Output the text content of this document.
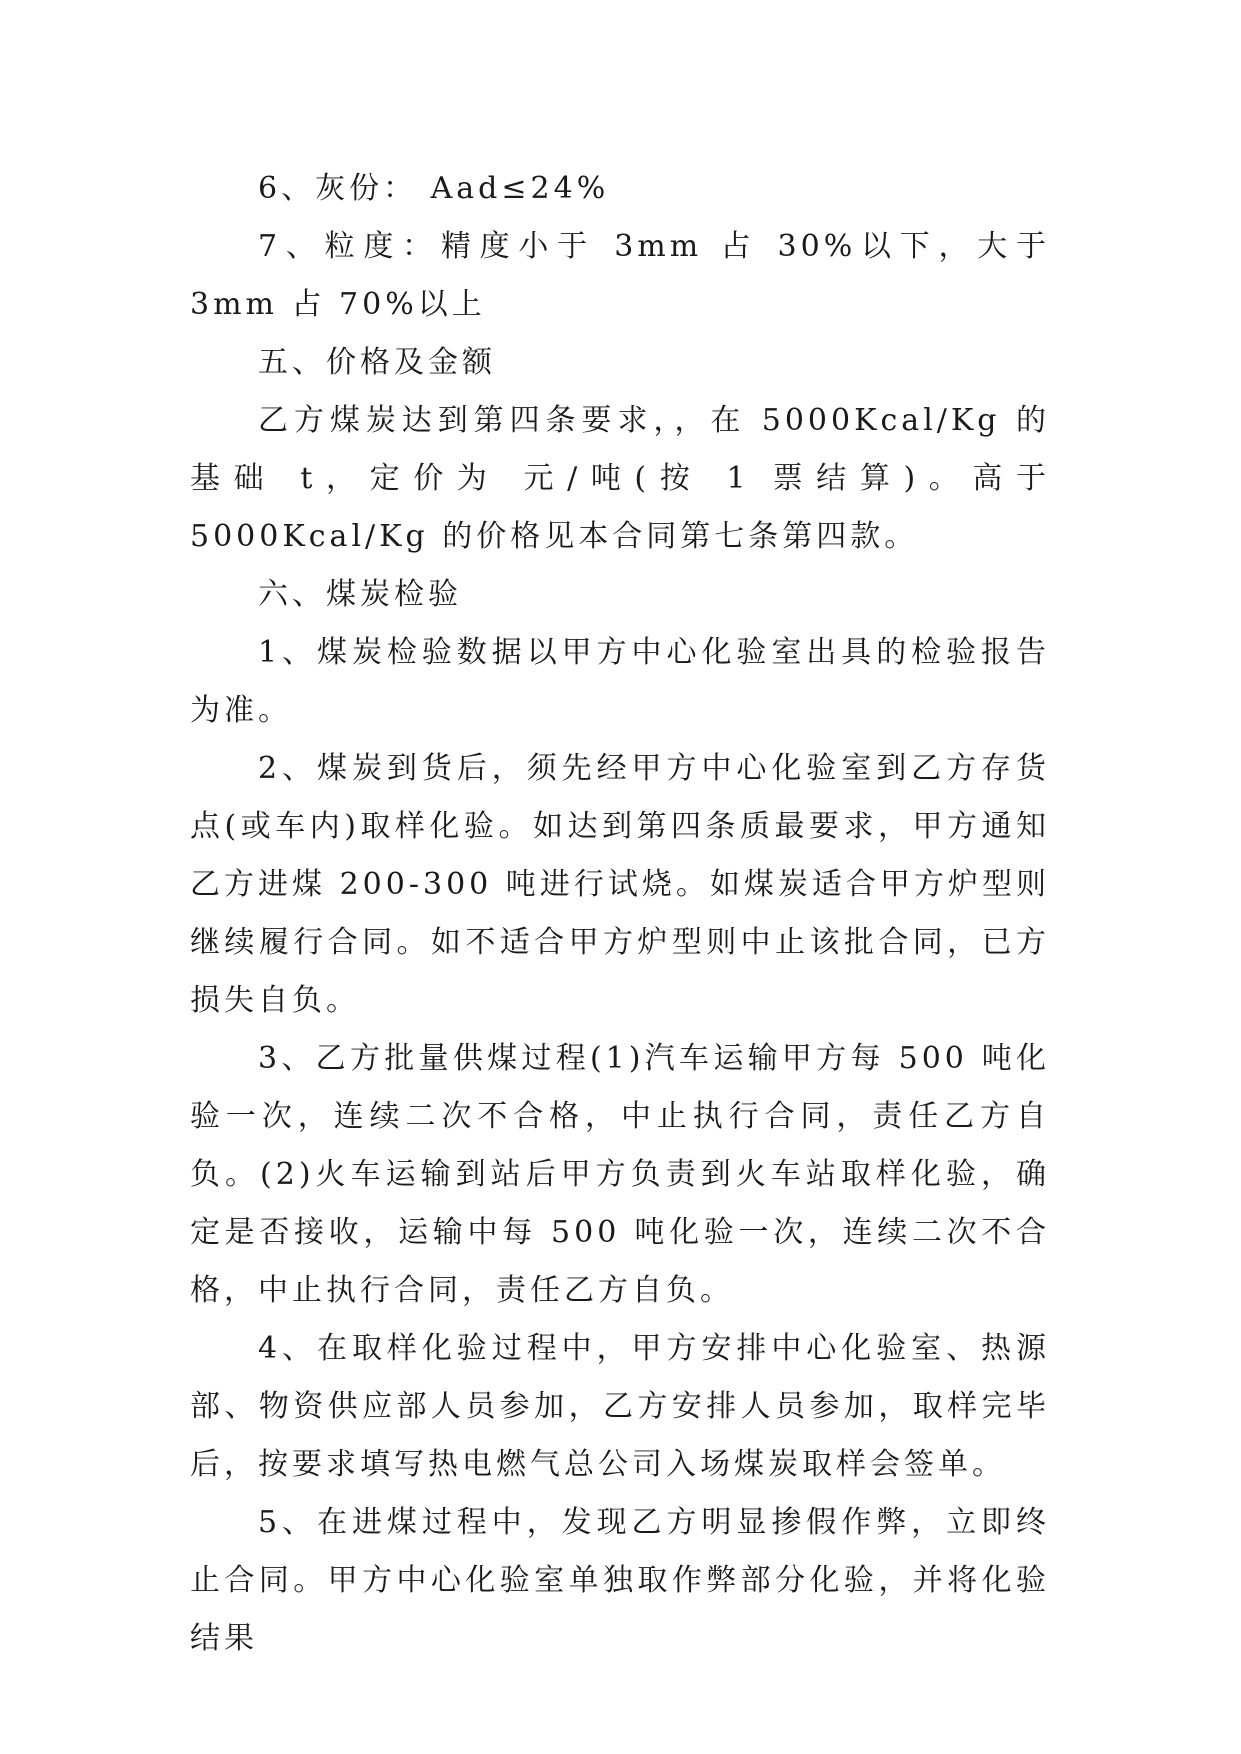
6、灰份： Aad≤24%

7、粒度：精度小于 3mm 占 30%以下，大于 3mm 占 70%以上

五、价格及金额

乙方煤炭达到第四条要求，，在 5000Kcal/Kg 的基础 t，定价为 元/吨(按 1 票结算)。高于 5000Kcal/Kg 的价格见本合同第七条第四款。

六、煤炭检验

1、煤炭检验数据以甲方中心化验室出具的检验报告为准。

2、煤炭到货后，须先经甲方中心化验室到乙方存货点(或车内)取样化验。如达到第四条质最要求，甲方通知乙方进煤 200-300 吨进行试烧。如煤炭适合甲方炉型则继续履行合同。如不适合甲方炉型则中止该批合同，已方损失自负。

3、乙方批量供煤过程(1)汽车运输甲方每 500 吨化验一次，连续二次不合格，中止执行合同，责任乙方自负。(2)火车运输到站后甲方负责到火车站取样化验，确定是否接收，运输中每 500 吨化验一次，连续二次不合格，中止执行合同，责任乙方自负。

4、在取样化验过程中，甲方安排中心化验室、热源部、物资供应部人员参加，乙方安排人员参加，取样完毕后，按要求填写热电燃气总公司入场煤炭取样会签单。

5、在进煤过程中，发现乙方明显掺假作弊，立即终止合同。甲方中心化验室单独取作弊部分化验，并将化验结果
